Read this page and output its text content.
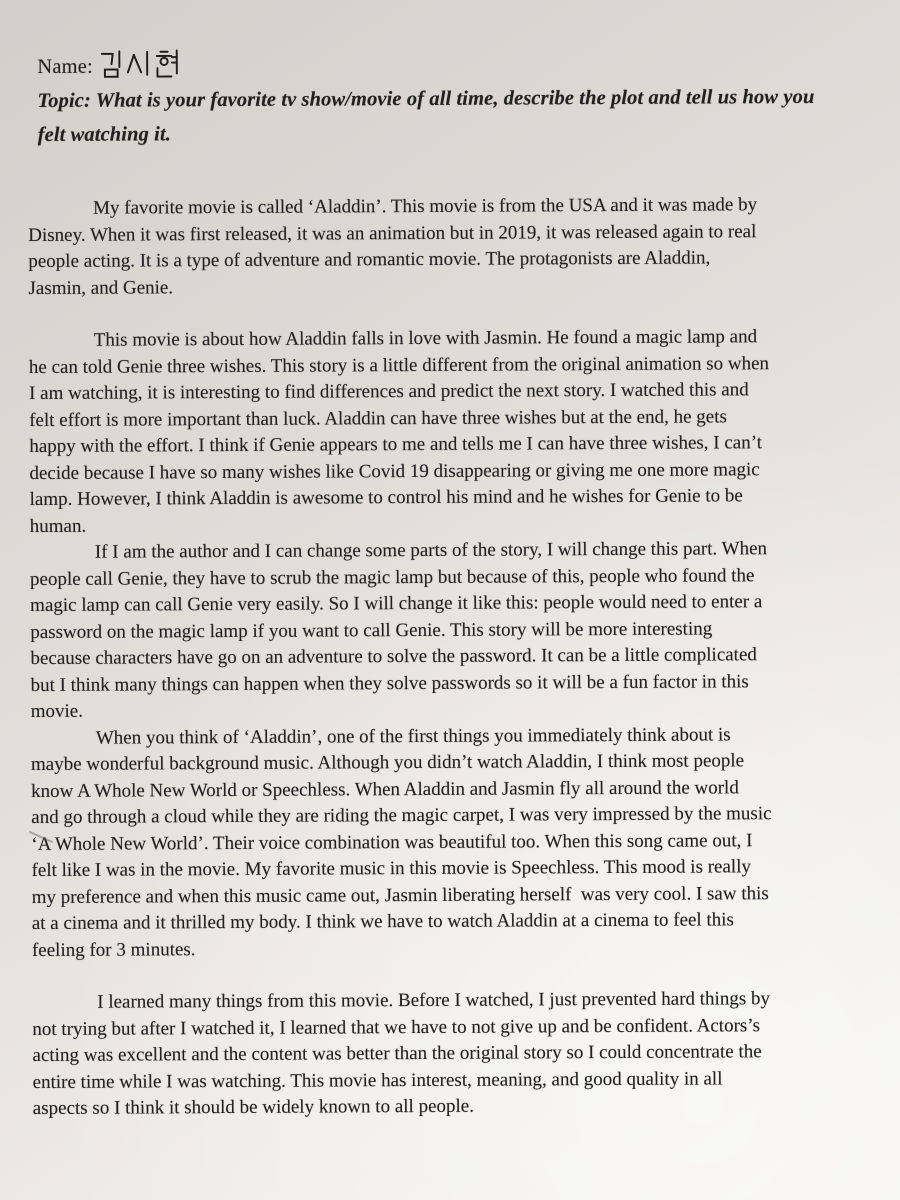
Name:
Topic: What is your favorite tv show/movie of all time, describe the plot and tell us how you
felt watching it.
My favorite movie is called ‘Aladdin’. This movie is from the USA and it was made by
Disney. When it was first released, it was an animation but in 2019, it was released again to real
people acting. It is a type of adventure and romantic movie. The protagonists are Aladdin,
Jasmin, and Genie.
This movie is about how Aladdin falls in love with Jasmin. He found a magic lamp and
he can told Genie three wishes. This story is a little different from the original animation so when
I am watching, it is interesting to find differences and predict the next story. I watched this and
felt effort is more important than luck. Aladdin can have three wishes but at the end, he gets
happy with the effort. I think if Genie appears to me and tells me I can have three wishes, I can’t
decide because I have so many wishes like Covid 19 disappearing or giving me one more magic
lamp. However, I think Aladdin is awesome to control his mind and he wishes for Genie to be
human.
If I am the author and I can change some parts of the story, I will change this part. When
people call Genie, they have to scrub the magic lamp but because of this, people who found the
magic lamp can call Genie very easily. So I will change it like this: people would need to enter a
password on the magic lamp if you want to call Genie. This story will be more interesting
because characters have go on an adventure to solve the password. It can be a little complicated
but I think many things can happen when they solve passwords so it will be a fun factor in this
movie.
When you think of ‘Aladdin’, one of the first things you immediately think about is
maybe wonderful background music. Although you didn’t watch Aladdin, I think most people
know A Whole New World or Speechless. When Aladdin and Jasmin fly all around the world
and go through a cloud while they are riding the magic carpet, I was very impressed by the music
‘A Whole New World’. Their voice combination was beautiful too. When this song came out, I
felt like I was in the movie. My favorite music in this movie is Speechless. This mood is really
my preference and when this music came out, Jasmin liberating herself  was very cool. I saw this
at a cinema and it thrilled my body. I think we have to watch Aladdin at a cinema to feel this
feeling for 3 minutes.
I learned many things from this movie. Before I watched, I just prevented hard things by
not trying but after I watched it, I learned that we have to not give up and be confident. Actors’s
acting was excellent and the content was better than the original story so I could concentrate the
entire time while I was watching. This movie has interest, meaning, and good quality in all
aspects so I think it should be widely known to all people.
